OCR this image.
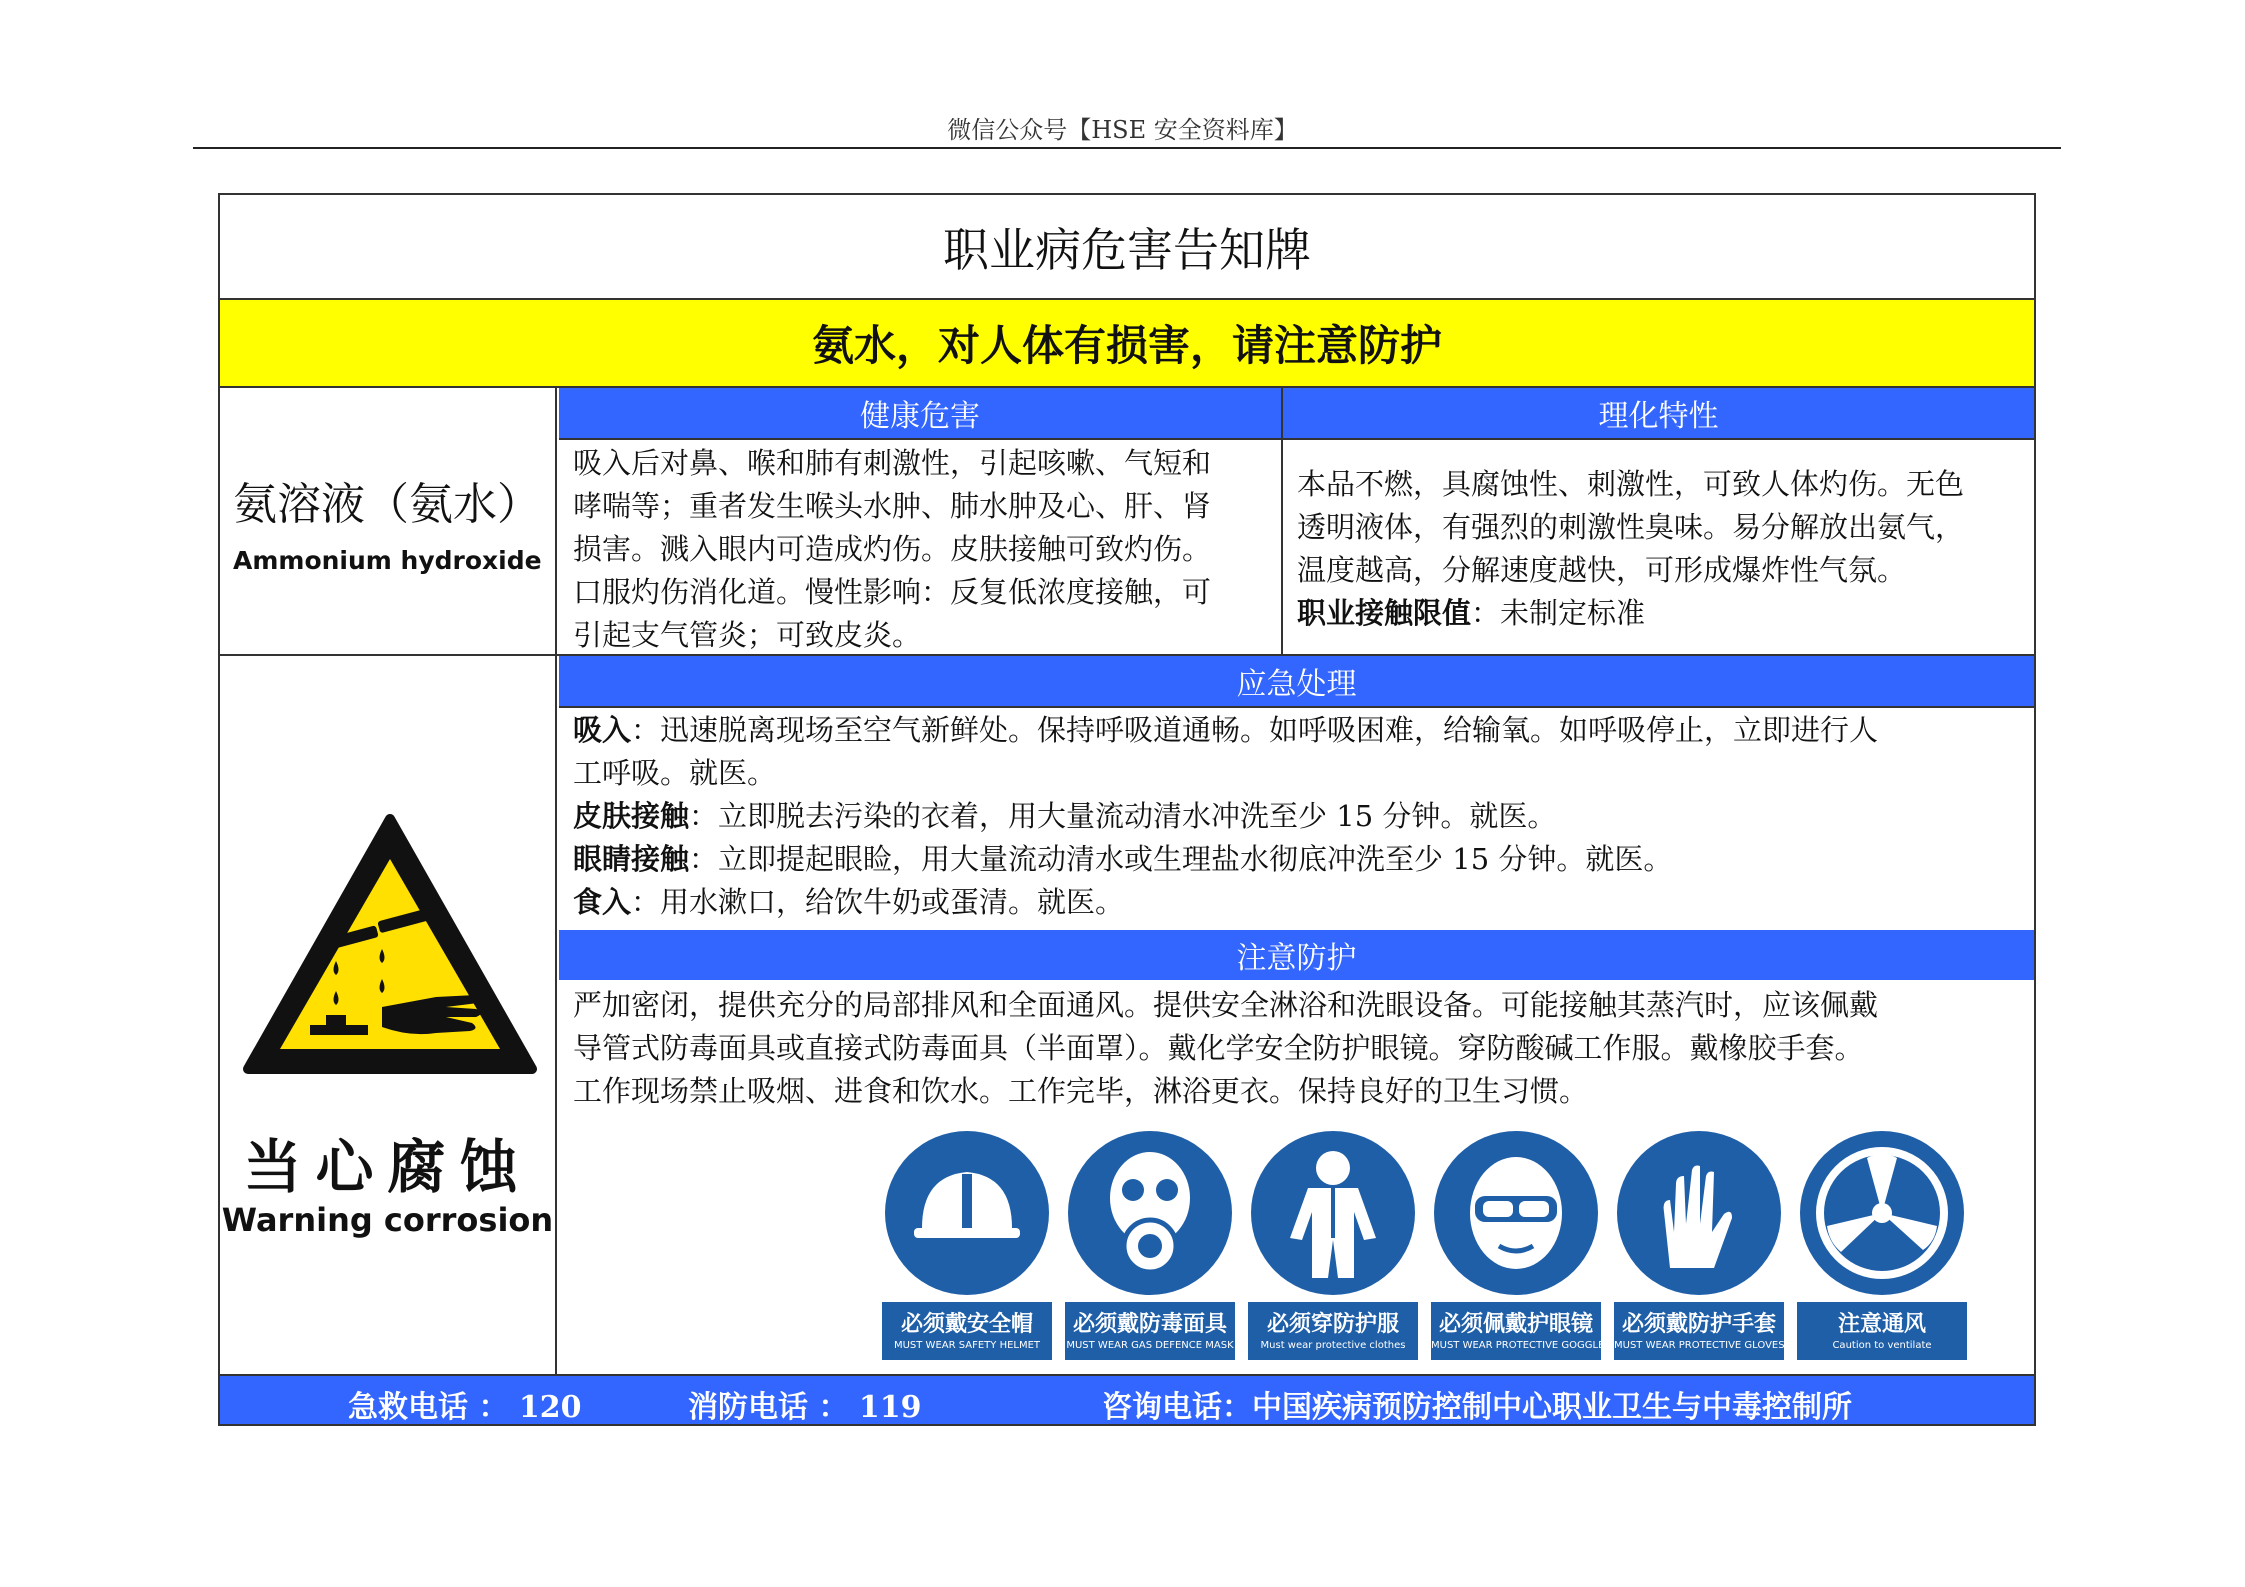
微信公众号【HSE 安全资料库】
职业病危害告知牌
氨水，对人体有损害，请注意防护
氨溶液（氨水）
Ammonium hydroxide
健康危害
吸入后对鼻、喉和肺有刺激性，引起咳嗽、气短和
哮喘等；重者发生喉头水肿、肺水肿及心、肝、肾
损害。溅入眼内可造成灼伤。皮肤接触可致灼伤。
口服灼伤消化道。慢性影响：反复低浓度接触，可
引起支气管炎；可致皮炎。
理化特性
本品不燃，具腐蚀性、刺激性，可致人体灼伤。无色
透明液体，有强烈的刺激性臭味。易分解放出氨气，
温度越高，分解速度越快，可形成爆炸性气氛。
职业接触限值：未制定标准
当心腐蚀
Warning corrosion
应急处理
吸入：迅速脱离现场至空气新鲜处。保持呼吸道通畅。如呼吸困难，给输氧。如呼吸停止，立即进行人
工呼吸。就医。
皮肤接触：立即脱去污染的衣着，用大量流动清水冲洗至少 15 分钟。就医。
眼睛接触：立即提起眼睑，用大量流动清水或生理盐水彻底冲洗至少 15 分钟。就医。
食入：用水漱口，给饮牛奶或蛋清。就医。
注意防护
严加密闭，提供充分的局部排风和全面通风。提供安全淋浴和洗眼设备。可能接触其蒸汽时，应该佩戴
导管式防毒面具或直接式防毒面具（半面罩）。戴化学安全防护眼镜。穿防酸碱工作服。戴橡胶手套。
工作现场禁止吸烟、进食和饮水。工作完毕，淋浴更衣。保持良好的卫生习惯。
必须戴安全帽
MUST WEAR SAFETY HELMET
必须戴防毒面具
MUST WEAR GAS DEFENCE MASK
必须穿防护服
Must wear protective clothes
必须佩戴护眼镜
MUST WEAR PROTECTIVE GOGGLES
必须戴防护手套
MUST WEAR PROTECTIVE GLOVES
注意通风
Caution to ventilate
急救电话 ： 120	消防电话 ： 119	咨询电话：中国疾病预防控制中心职业卫生与中毒控制所
